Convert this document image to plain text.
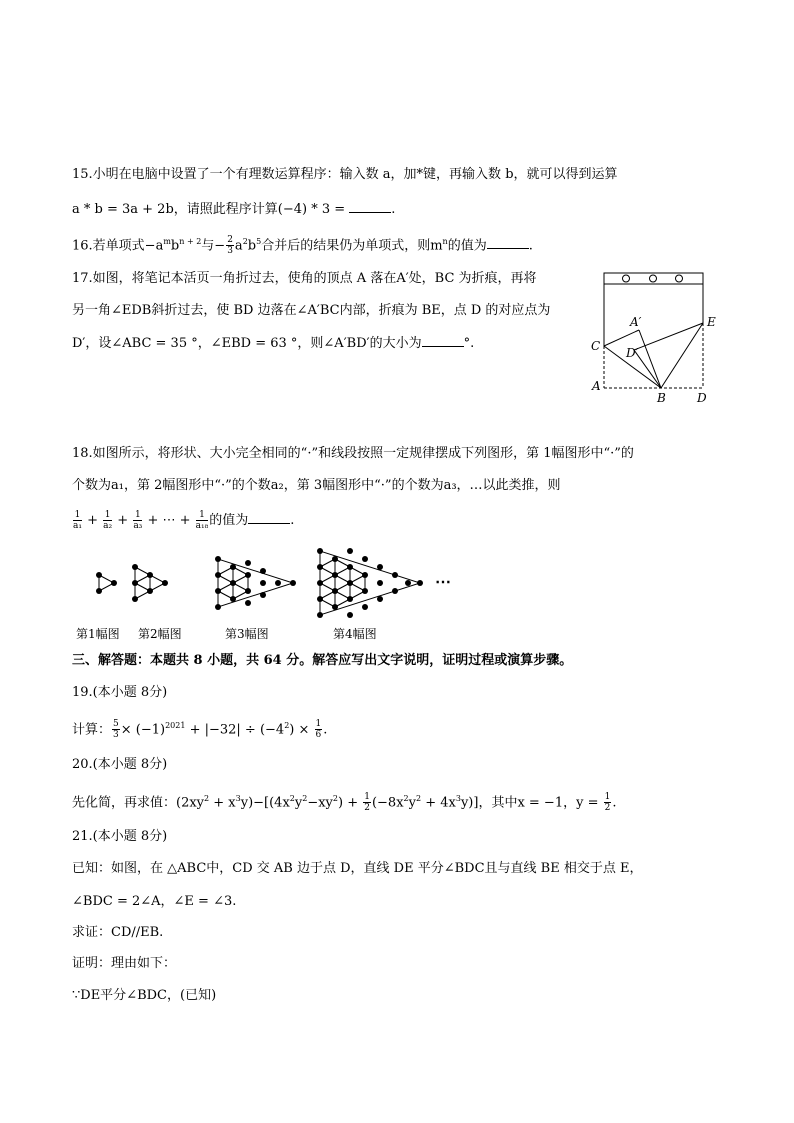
15.小明在电脑中设置了一个有理数运算程序：输入数 a，加*键，再输入数 b，就可以得到运算
a * b = 3a + 2b，请照此程序计算(−4) * 3 =	.
16.若单项式$-a^mb^{n + 2}$与− $\frac{2}{3} a^2b^5$合并后的结果仍为单项式，则$m^n$的值为	.
17.如图，将笔记本活页一角折过去，使角的顶点 A 落在A′处，BC 为折痕，再将
另一角∠EDB斜折过去，使 BD 边落在∠A′BC内部，折痕为 BE，点 D 的对应点为
D′，设∠ABC = 35 °，∠EBD = 63 °，则∠A′BD′的大小为	°.
A′	E
C D′
A
B	D
18.如图所示，将形状、大小完全相同的“·”和线段按照一定规律摆成下列图形，第 1幅图形中“·”的
个数为a₁，第 2幅图形中“·”的个数a₂，第 3幅图形中“·”的个数为a₃，…以此类推，则
$\frac{1}{\text{a₁}} + \frac{1}{\text{a₂}} + \frac{1}{\text{a₃}}$ + ⋯ + $\frac{1}{\text{a₁₈}}$ 的值为	.
⋯
第1幅图 第2幅图	第3幅图	第4幅图
三、解答题：本题共 8 小题，共 64 分。解答应写出文字说明，证明过程或演算步骤。
19.(本小题 8分)
计算： $\frac{5}{3} \times (-1)^{2021} + |-32| \div (-4^2) \times \frac{1}{6}$ .
20.(本小题 8分)
先化简，再求值：$(2xy^2 + x^3y)-[(4x^2y^2-xy^2) + \frac{1}{2} (-8x^2y^2 + 4x^3y)]$，其中x = −1，$y = \frac{1}{2}$ .
21.(本小题 8分)
已知：如图，在 △ABC中，CD 交 AB 边于点 D，直线 DE 平分∠BDC且与直线 BE 相交于点 E，
∠BDC = 2∠A，∠E = ∠3.
求证：CD//EB.
证明：理由如下：
∵DE平分∠BDC，(已知)
